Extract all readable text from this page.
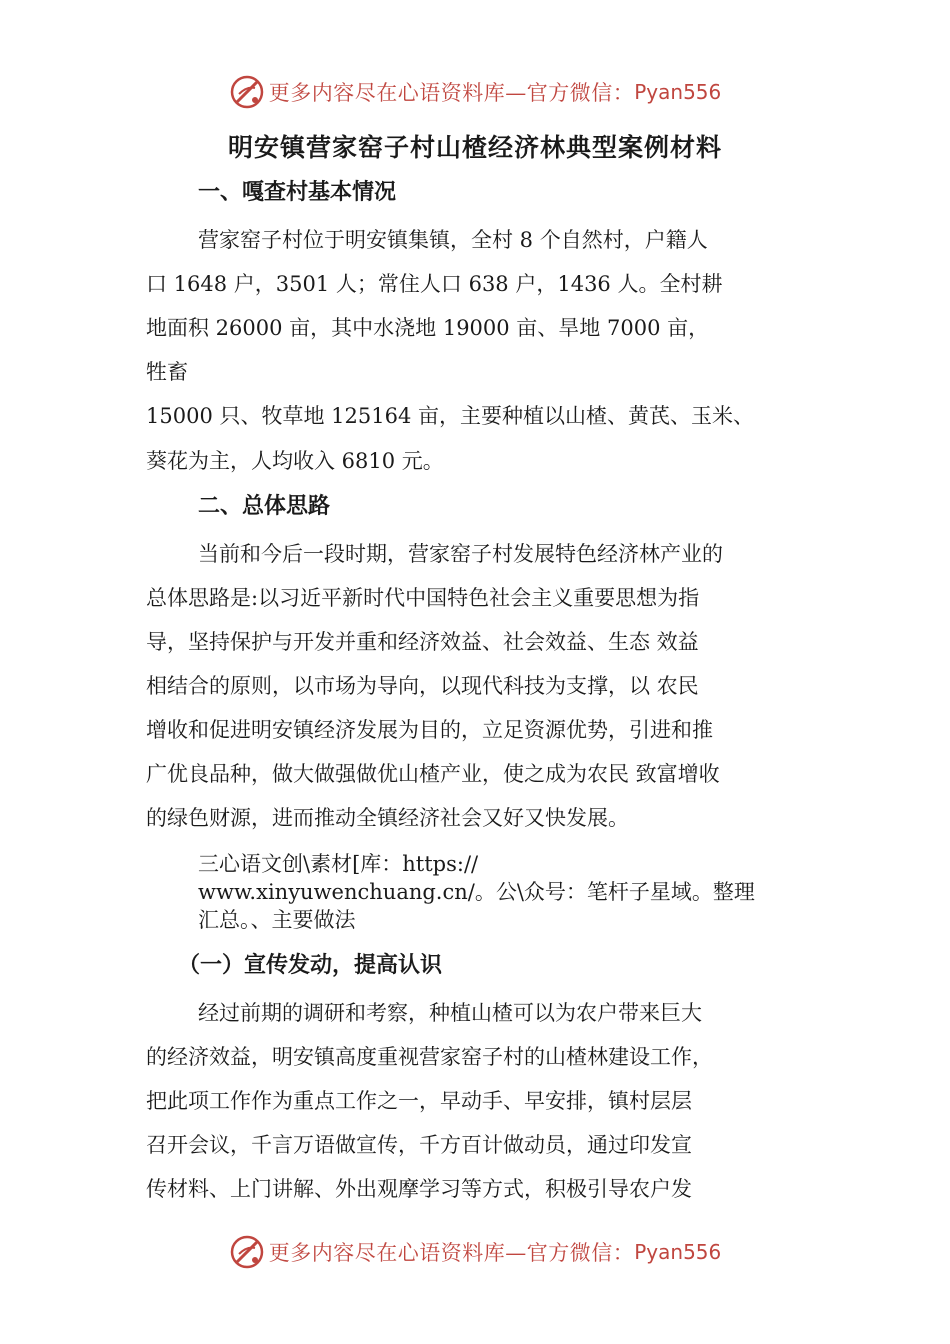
更多内容尽在心语资料库—官方微信： Pyan556
明安镇营家窑子村山楂经济林典型案例材料
一、嘎查村基本情况
营家窑子村位于明安镇集镇，全村 8 个自然村，户籍人
口 1648 户，3501 人；常住人口 638 户，1436 人。全村耕
地面积 26000 亩，其中水浇地 19000 亩、旱地 7000 亩，
牲畜
15000 只、牧草地 125164 亩，主要种植以山楂、黄芪、玉米、
葵花为主，人均收入 6810 元。
二、总体思路
当前和今后一段时期，营家窑子村发展特色经济林产业的
总体思路是:以习近平新时代中国特色社会主义重要思想为指
导，坚持保护与开发并重和经济效益、社会效益、生态 效益
相结合的原则，以市场为导向，以现代科技为支撑，以 农民
增收和促进明安镇经济发展为目的，立足资源优势，引进和推
广优良品种，做大做强做优山楂产业，使之成为农民 致富增收
的绿色财源，进而推动全镇经济社会又好又快发展。
三心语文创\素材[库：https://
www.xinyuwenchuang.cn/。公\众号：笔杆子星域。整理
汇总。、主要做法
（一）宣传发动，提高认识
经过前期的调研和考察，种植山楂可以为农户带来巨大
的经济效益，明安镇高度重视营家窑子村的山楂林建设工作，
把此项工作作为重点工作之一，早动手、早安排，镇村层层
召开会议，千言万语做宣传，千方百计做动员，通过印发宣
传材料、上门讲解、外出观摩学习等方式，积极引导农户发
更多内容尽在心语资料库—官方微信： Pyan556
